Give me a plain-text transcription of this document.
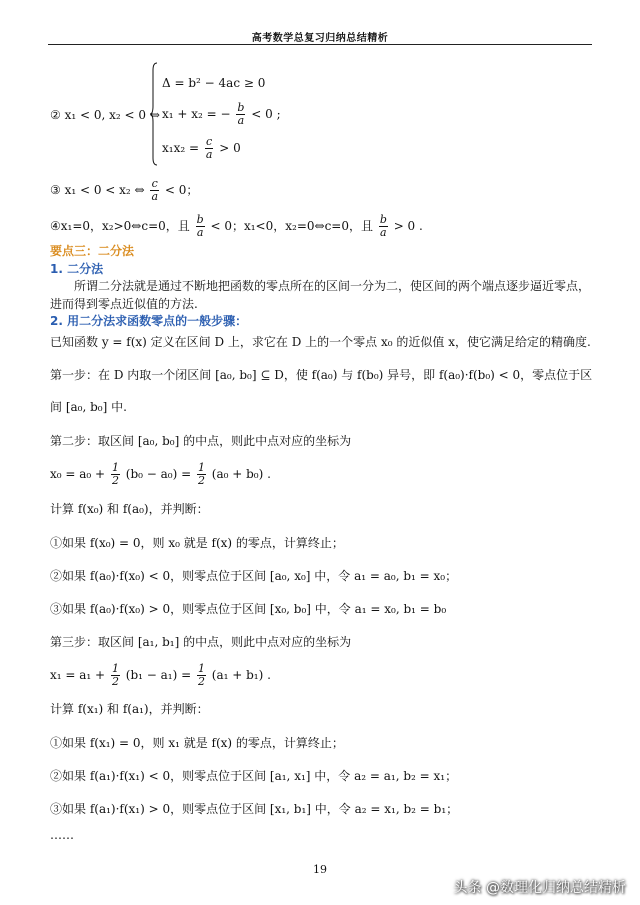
高考数学总复习归纳总结精析
② x₁ < 0, x₂ < 0 ⇔
Δ = b² − 4ac ≥ 0
x₁ + x₂ = − $\frac{b}{a} < 0$ ;
$x_1x_2 = \frac{c}{a} > 0$
③ x₁ < 0 < x₂ ⇔ $\frac{c}{a} < 0$；
④x₁=0，x₂>0⇔c=0，且 $\frac{b}{a} < 0$；x₁<0，x₂=0⇔c=0，且 $\frac{b}{a} > 0$ .
要点三：二分法
1. 二分法
所谓二分法就是通过不断地把函数的零点所在的区间一分为二，使区间的两个端点逐步逼近零点，进而得到零点近似值的方法.
2. 用二分法求函数零点的一般步骤：
已知函数 y = f(x) 定义在区间 D 上，求它在 D 上的一个零点 x₀ 的近似值 x，使它满足给定的精确度.
第一步：在 D 内取一个闭区间 [a₀, b₀] ⊆ D，使 f(a₀) 与 f(b₀) 异号，即 f(a₀)·f(b₀) < 0，零点位于区
间 [a₀, b₀] 中.
第二步：取区间 [a₀, b₀] 的中点，则此中点对应的坐标为
$x_0 = a_0 + \frac{1}{2} (b_0 - a_0) = \frac{1}{2} (a_0 + b_0)$ .
计算 f(x₀) 和 f(a₀)，并判断：
①如果 f(x₀) = 0，则 x₀ 就是 f(x) 的零点，计算终止；
②如果 f(a₀)·f(x₀) < 0，则零点位于区间 [a₀, x₀] 中，令 a₁ = a₀, b₁ = x₀；
③如果 f(a₀)·f(x₀) > 0，则零点位于区间 [x₀, b₀] 中，令 a₁ = x₀, b₁ = b₀
第三步：取区间 [a₁, b₁] 的中点，则此中点对应的坐标为
$x_1 = a_1 + \frac{1}{2} (b_1 - a_1) = \frac{1}{2} (a_1 + b_1)$ .
计算 f(x₁) 和 f(a₁)，并判断：
①如果 f(x₁) = 0，则 x₁ 就是 f(x) 的零点，计算终止；
②如果 f(a₁)·f(x₁) < 0，则零点位于区间 [a₁, x₁] 中，令 a₂ = a₁, b₂ = x₁；
③如果 f(a₁)·f(x₁) > 0，则零点位于区间 [x₁, b₁] 中，令 a₂ = x₁, b₂ = b₁；
……
19
头条 @数理化归纳总结精析
